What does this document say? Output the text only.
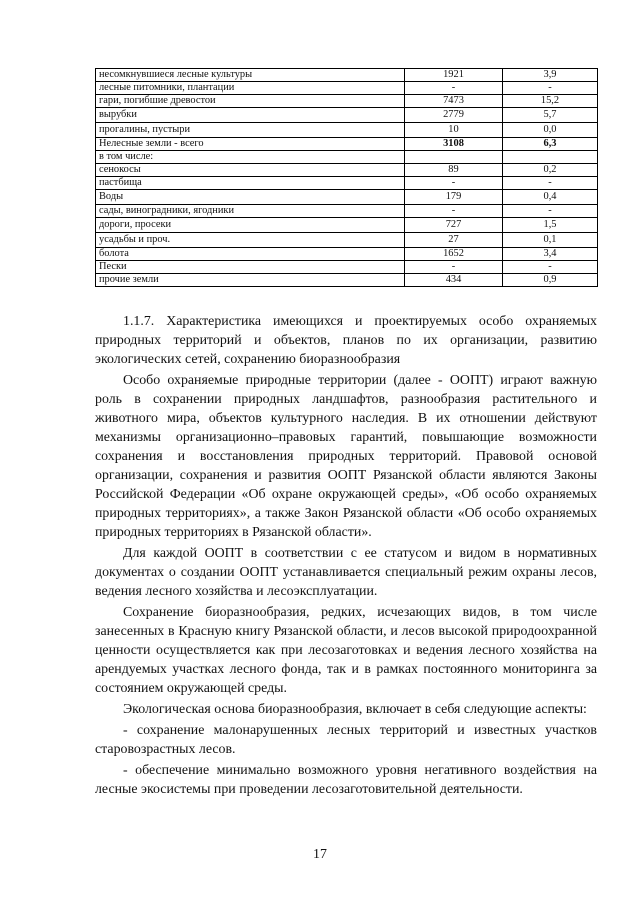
несомкнувшиеся лесные культуры	1921	3,9
лесные питомники, плантации	-	-
гари, погибшие древостои	7473	15,2
вырубки	2779	5,7
прогалины, пустыри	10	0,0
Нелесные земли - всего	3108	6,3
в том числе:		
сенокосы	89	0,2
пастбища	-	-
Воды	179	0,4
сады, виноградники, ягодники	-	-
дороги, просеки	727	1,5
усадьбы и проч.	27	0,1
болота	1652	3,4
Пески	-	-
прочие земли	434	0,9

1.1.7. Характеристика имеющихся и проектируемых особо охраняемых природных территорий и объектов, планов по их организации, развитию экологических сетей, сохранению биоразнообразия

Особо охраняемые природные территории (далее - ООПТ) играют важную роль в сохранении природных ландшафтов, разнообразия растительного и животного мира, объектов культурного наследия. В их отношении действуют механизмы организационно–правовых гарантий, повышающие возможности сохранения и восстановления природных территорий. Правовой основой организации, сохранения и развития ООПТ Рязанской области являются Законы Российской Федерации «Об охране окружающей среды», «Об особо охраняемых природных территориях», а также Закон Рязанской области «Об особо охраняемых природных территориях в Рязанской области».

Для каждой ООПТ в соответствии с ее статусом и видом в нормативных документах о создании ООПТ устанавливается специальный режим охраны лесов, ведения лесного хозяйства и лесоэксплуатации.

Сохранение биоразнообразия, редких, исчезающих видов, в том числе занесенных в Красную книгу Рязанской области, и лесов высокой природоохранной ценности осуществляется как при лесозаготовках и ведения лесного хозяйства на арендуемых участках лесного фонда, так и в рамках постоянного мониторинга за состоянием окружающей среды.

Экологическая основа биоразнообразия, включает в себя следующие аспекты:

- сохранение малонарушенных лесных территорий и известных участков старовозрастных лесов.

- обеспечение минимально возможного уровня негативного воздействия на лесные экосистемы при проведении лесозаготовительной деятельности.

17
